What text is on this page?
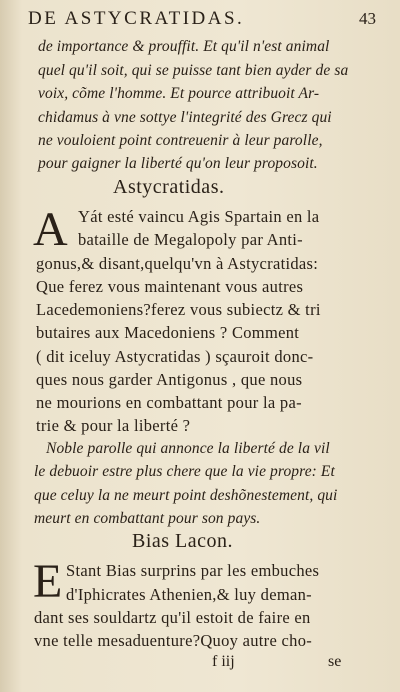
DE ASTYCRATIDAS.	43
de importance & prouffit. Et qu'il n'est animal
quel qu'il soit, qui se puisse tant bien ayder de sa
voix, cõme l'homme. Et pource attribuoit Ar-
chidamus à vne sottye l'integrité des Grecz qui
ne vouloient point contreuenir à leur parolle,
pour gaigner la liberté qu'on leur proposoit.
Astycratidas.
A Yát esté vaincu Agis Spartain en la
bataille de Megalopoly par Anti-
gonus,& disant,quelqu'vn à Astycratidas:
Que ferez vous maintenant vous autres
Lacedemoniens?ferez vous subiectz & tri
butaires aux Macedoniens ? Comment
( dit iceluy Astycratidas ) sçauroit donc-
ques nous garder Antigonus , que nous
ne mourions en combattant pour la pa-
trie & pour la liberté ?
Noble parolle qui annonce la liberté de la vil
le debuoir estre plus chere que la vie propre: Et
que celuy la ne meurt point deshõnestement, qui
meurt en combattant pour son pays.
Bias Lacon.
E Stant Bias surprins par les embuches
d'Iphicrates Athenien,& luy deman-
dant ses souldartz qu'il estoit de faire en
vne telle mesaduenture?Quoy autre cho-
f iij	se
